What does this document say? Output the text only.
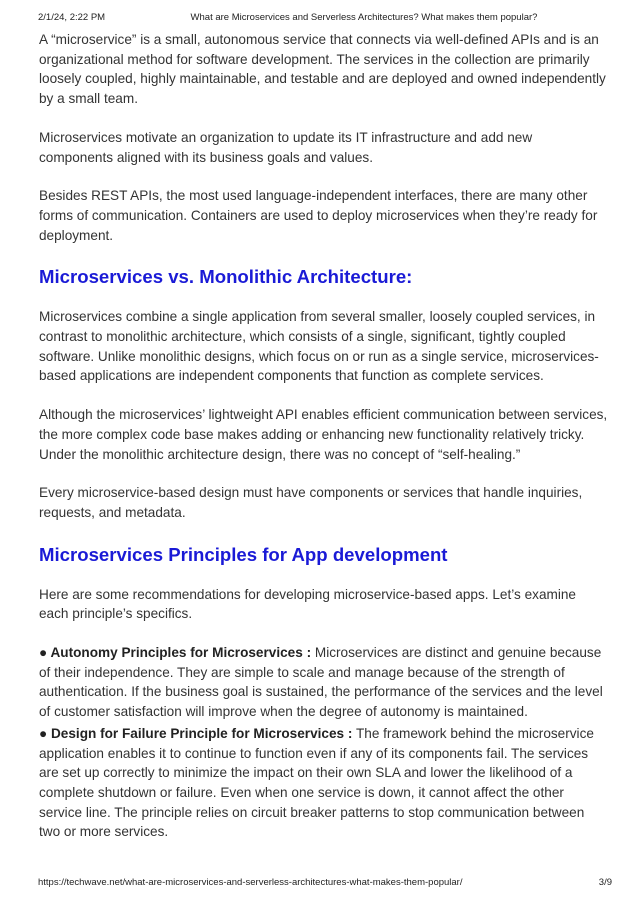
2/1/24, 2:22 PM	What are Microservices and Serverless Architectures? What makes them popular?

A “microservice” is a small, autonomous service that connects via well-defined APIs and is an organizational method for software development. The services in the collection are primarily loosely coupled, highly maintainable, and testable and are deployed and owned independently by a small team.

Microservices motivate an organization to update its IT infrastructure and add new components aligned with its business goals and values.

Besides REST APIs, the most used language-independent interfaces, there are many other forms of communication. Containers are used to deploy microservices when they’re ready for deployment.

Microservices vs. Monolithic Architecture:

Microservices combine a single application from several smaller, loosely coupled services, in contrast to monolithic architecture, which consists of a single, significant, tightly coupled software. Unlike monolithic designs, which focus on or run as a single service, microservices-based applications are independent components that function as complete services.

Although the microservices’ lightweight API enables efficient communication between services, the more complex code base makes adding or enhancing new functionality relatively tricky. Under the monolithic architecture design, there was no concept of “self-healing.”

Every microservice-based design must have components or services that handle inquiries, requests, and metadata.

Microservices Principles for App development

Here are some recommendations for developing microservice-based apps. Let’s examine each principle’s specifics.

● Autonomy Principles for Microservices : Microservices are distinct and genuine because of their independence. They are simple to scale and manage because of the strength of authentication. If the business goal is sustained, the performance of the services and the level of customer satisfaction will improve when the degree of autonomy is maintained.

● Design for Failure Principle for Microservices : The framework behind the microservice application enables it to continue to function even if any of its components fail. The services are set up correctly to minimize the impact on their own SLA and lower the likelihood of a complete shutdown or failure. Even when one service is down, it cannot affect the other service line. The principle relies on circuit breaker patterns to stop communication between two or more services.

https://techwave.net/what-are-microservices-and-serverless-architectures-what-makes-them-popular/	3/9
